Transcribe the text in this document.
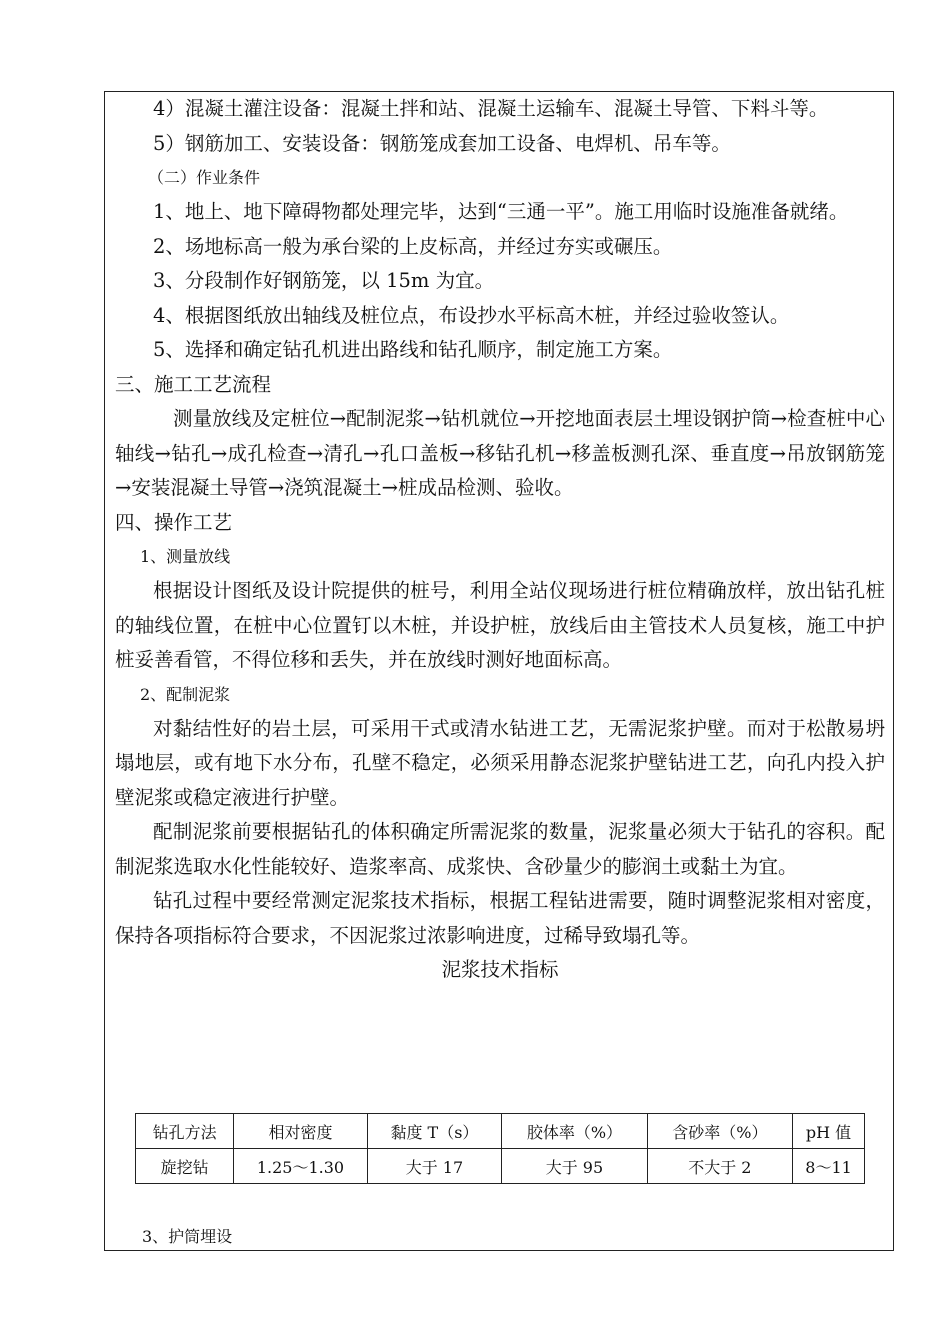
4）混凝土灌注设备：混凝土拌和站、混凝土运输车、混凝土导管、下料斗等。

5）钢筋加工、安装设备：钢筋笼成套加工设备、电焊机、吊车等。

（二）作业条件

1、地上、地下障碍物都处理完毕，达到“三通一平”。施工用临时设施准备就绪。

2、场地标高一般为承台梁的上皮标高，并经过夯实或碾压。

3、分段制作好钢筋笼，以 15m 为宜。

4、根据图纸放出轴线及桩位点，布设抄水平标高木桩，并经过验收签认。

5、选择和确定钻孔机进出路线和钻孔顺序，制定施工方案。

三、施工工艺流程

测量放线及定桩位→配制泥浆→钻机就位→开挖地面表层土埋设钢护筒→检查桩中心轴线→钻孔→成孔检查→清孔→孔口盖板→移钻孔机→移盖板测孔深、垂直度→吊放钢筋笼→安装混凝土导管→浇筑混凝土→桩成品检测、验收。

四、操作工艺

1、测量放线

根据设计图纸及设计院提供的桩号，利用全站仪现场进行桩位精确放样，放出钻孔桩的轴线位置，在桩中心位置钉以木桩，并设护桩，放线后由主管技术人员复核，施工中护桩妥善看管，不得位移和丢失，并在放线时测好地面标高。

2、配制泥浆

对黏结性好的岩土层，可采用干式或清水钻进工艺，无需泥浆护壁。而对于松散易坍塌地层，或有地下水分布，孔壁不稳定，必须采用静态泥浆护壁钻进工艺，向孔内投入护壁泥浆或稳定液进行护壁。

配制泥浆前要根据钻孔的体积确定所需泥浆的数量，泥浆量必须大于钻孔的容积。配制泥浆选取水化性能较好、造浆率高、成浆快、含砂量少的膨润土或黏土为宜。

钻孔过程中要经常测定泥浆技术指标，根据工程钻进需要，随时调整泥浆相对密度，保持各项指标符合要求，不因泥浆过浓影响进度，过稀导致塌孔等。

泥浆技术指标

钻孔方法	相对密度	黏度 T（s）	胶体率（%）	含砂率（%）	pH 值
旋挖钻	1.25～1.30	大于 17	大于 95	不大于 2	8～11

3、护筒埋设
